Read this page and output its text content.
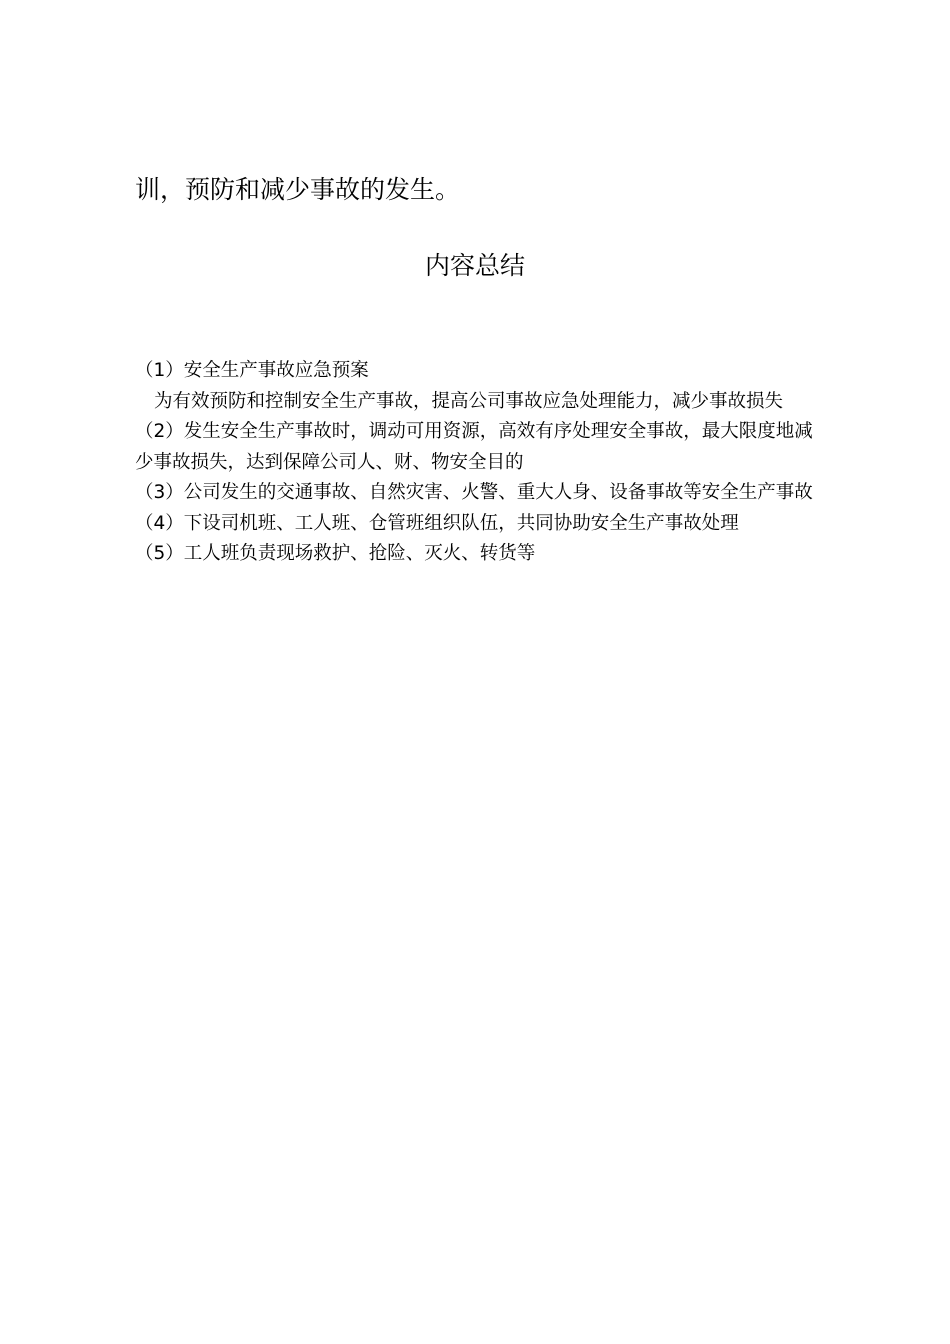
训，预防和减少事故的发生。
内容总结

（1）安全生产事故应急预案

为有效预防和控制安全生产事故，提高公司事故应急处理能力，减少事故损失

（2）发生安全生产事故时，调动可用资源，高效有序处理安全事故，最大限度地减少事故损失，达到保障公司人、财、物安全目的

（3）公司发生的交通事故、自然灾害、火警、重大人身、设备事故等安全生产事故

（4）下设司机班、工人班、仓管班组织队伍，共同协助安全生产事故处理

（5）工人班负责现场救护、抢险、灭火、转货等
